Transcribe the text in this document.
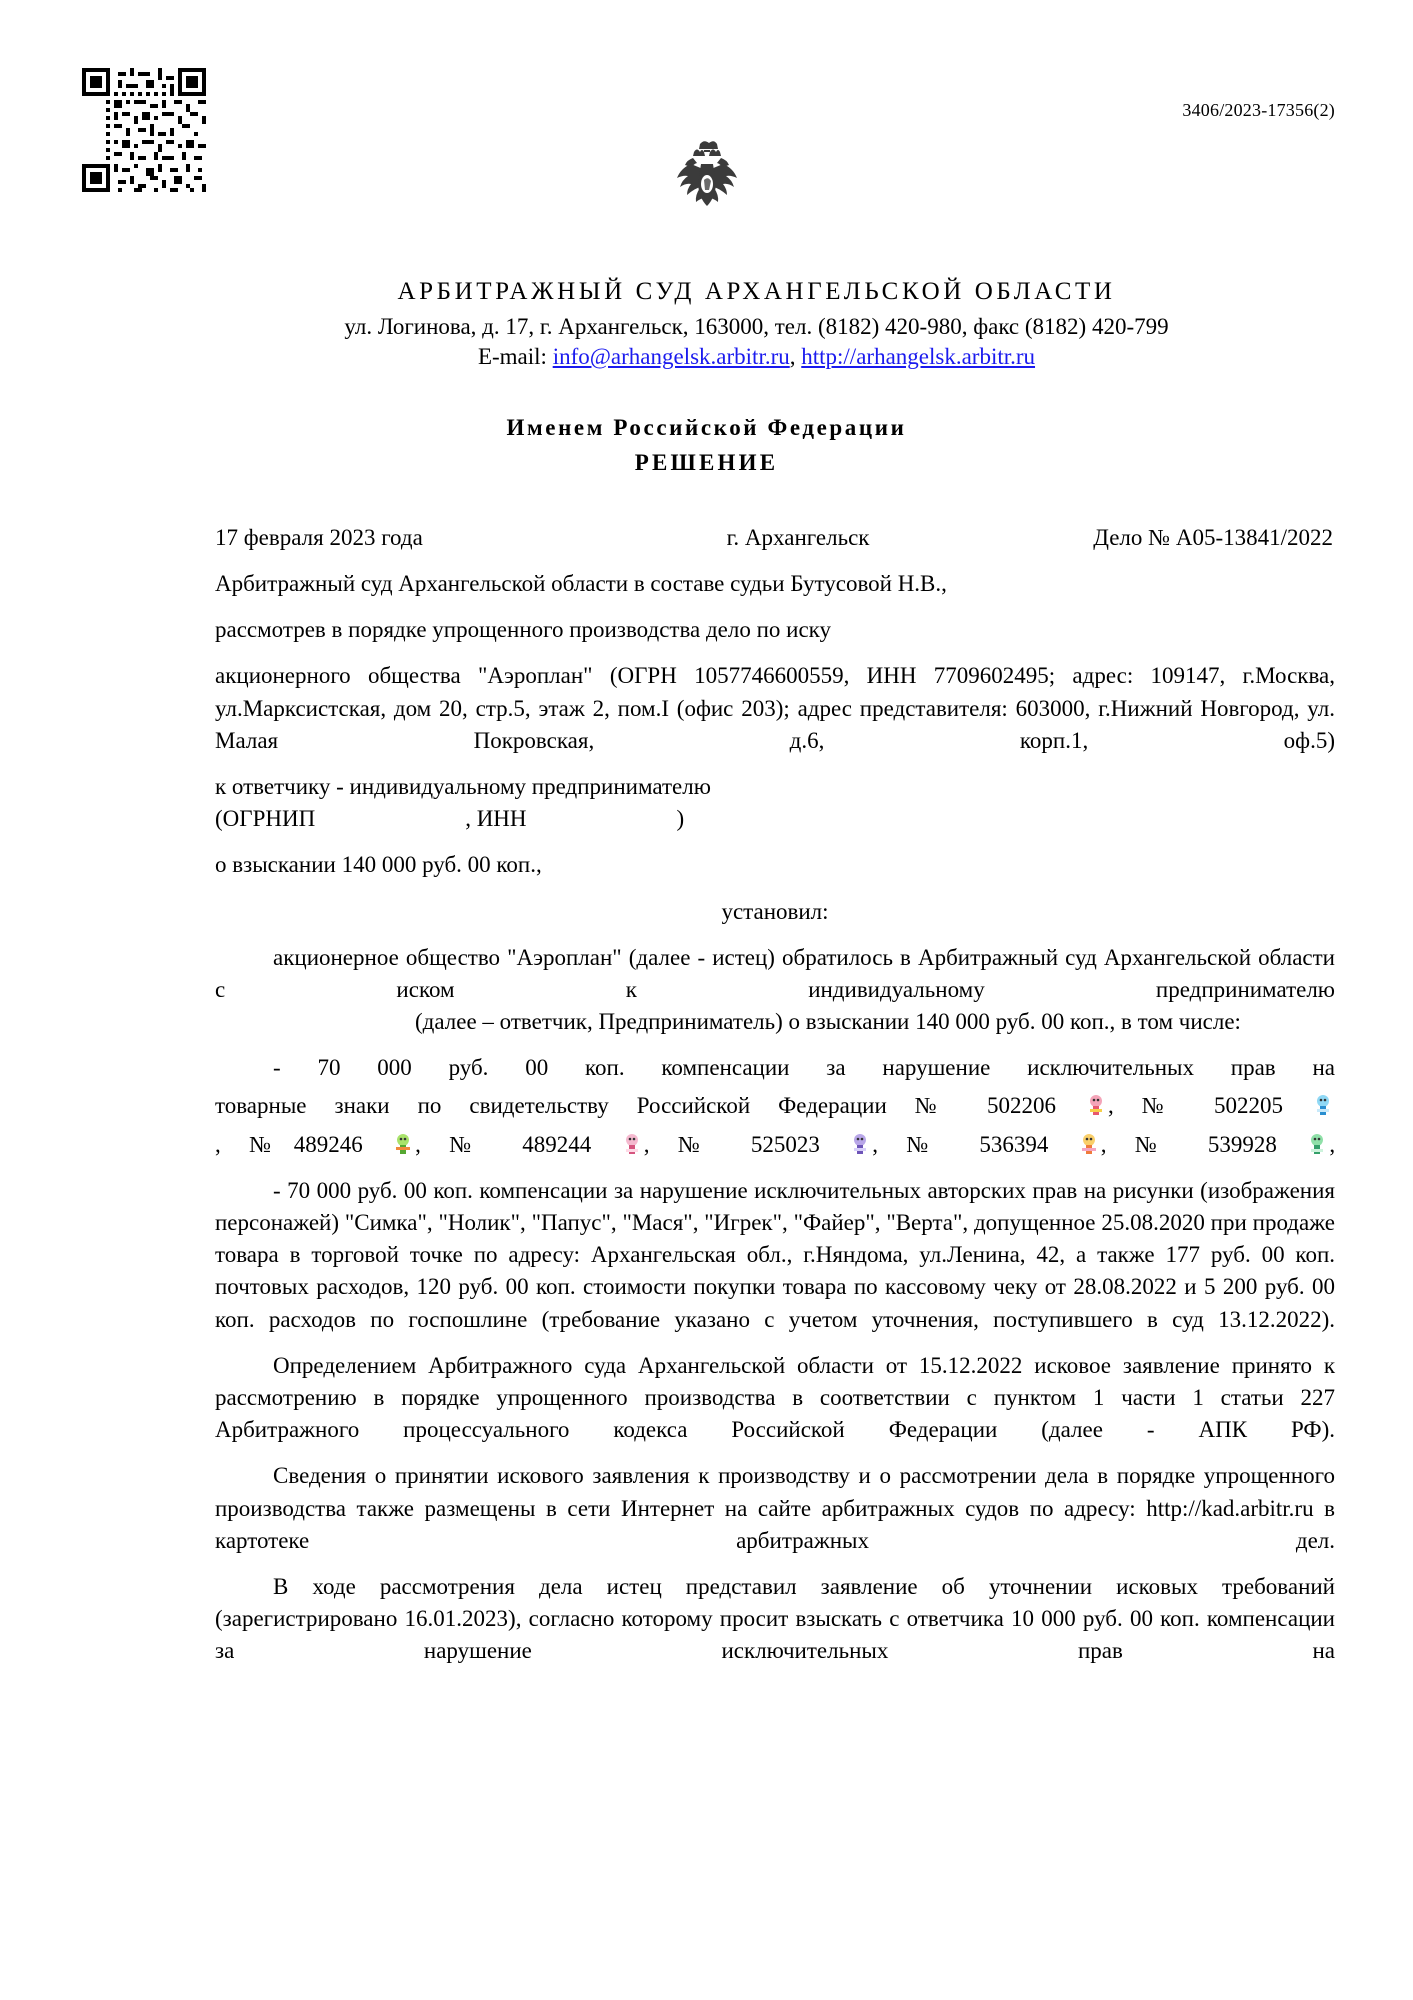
3406/2023-17356(2)
АРБИТРАЖНЫЙ СУД АРХАНГЕЛЬСКОЙ ОБЛАСТИ
ул. Логинова, д. 17, г. Архангельск, 163000, тел. (8182) 420-980, факс (8182) 420-799
E-mail: info@arhangelsk.arbitr.ru, http://arhangelsk.arbitr.ru
Именем Российской Федерации
РЕШЕНИЕ
17 февраля 2023 года	г. Архангельск	Дело № А05-13841/2022

Арбитражный суд Архангельской области в составе судьи Бутусовой Н.В.,

рассмотрев в порядке упрощенного производства дело по иску

акционерного общества "Аэроплан" (ОГРН 1057746600559, ИНН 7709602495; адрес: 109147, г.Москва, ул.Марксистская, дом 20, стр.5, этаж 2, пом.I (офис 203); адрес представителя: 603000, г.Нижний Новгород, ул. Малая Покровская, д.6, корп.1, оф.5)

к ответчику - индивидуальному предпринимателю

(ОГРНИП	, ИНН	)

о взыскании 140 000 руб. 00 коп.,

установил:

акционерное общество "Аэроплан" (далее - истец) обратилось в Арбитражный суд Архангельской области с иском к индивидуальному предпринимателю

(далее – ответчик, Предприниматель) о взыскании 140 000 руб. 00 коп., в том числе:

- 70 000 руб. 00 коп. компенсации за нарушение исключительных прав на

товарные знаки по свидетельству Российской Федерации № 502206 , № 502205

, №489246 , № 489244 , № 525023 , № 536394 , № 539928 ,

- 70 000 руб. 00 коп. компенсации за нарушение исключительных авторских прав на рисунки (изображения персонажей) "Симка", "Нолик", "Папус", "Мася", "Игрек", "Файер", "Верта", допущенное 25.08.2020 при продаже товара в торговой точке по адресу: Архангельская обл., г.Няндома, ул.Ленина, 42, а также 177 руб. 00 коп. почтовых расходов, 120 руб. 00 коп. стоимости покупки товара по кассовому чеку от 28.08.2022 и 5 200 руб. 00 коп. расходов по госпошлине (требование указано с учетом уточнения, поступившего в суд 13.12.2022).

Определением Арбитражного суда Архангельской области от 15.12.2022 исковое заявление принято к рассмотрению в порядке упрощенного производства в соответствии с пунктом 1 части 1 статьи 227 Арбитражного процессуального кодекса Российской Федерации (далее - АПК РФ).

Сведения о принятии искового заявления к производству и о рассмотрении дела в порядке упрощенного производства также размещены в сети Интернет на сайте арбитражных судов по адресу: http://kad.arbitr.ru в картотеке арбитражных дел.

В ходе рассмотрения дела истец представил заявление об уточнении исковых требований (зарегистрировано 16.01.2023), согласно которому просит взыскать с ответчика 10 000 руб. 00 коп. компенсации за нарушение исключительных прав на
